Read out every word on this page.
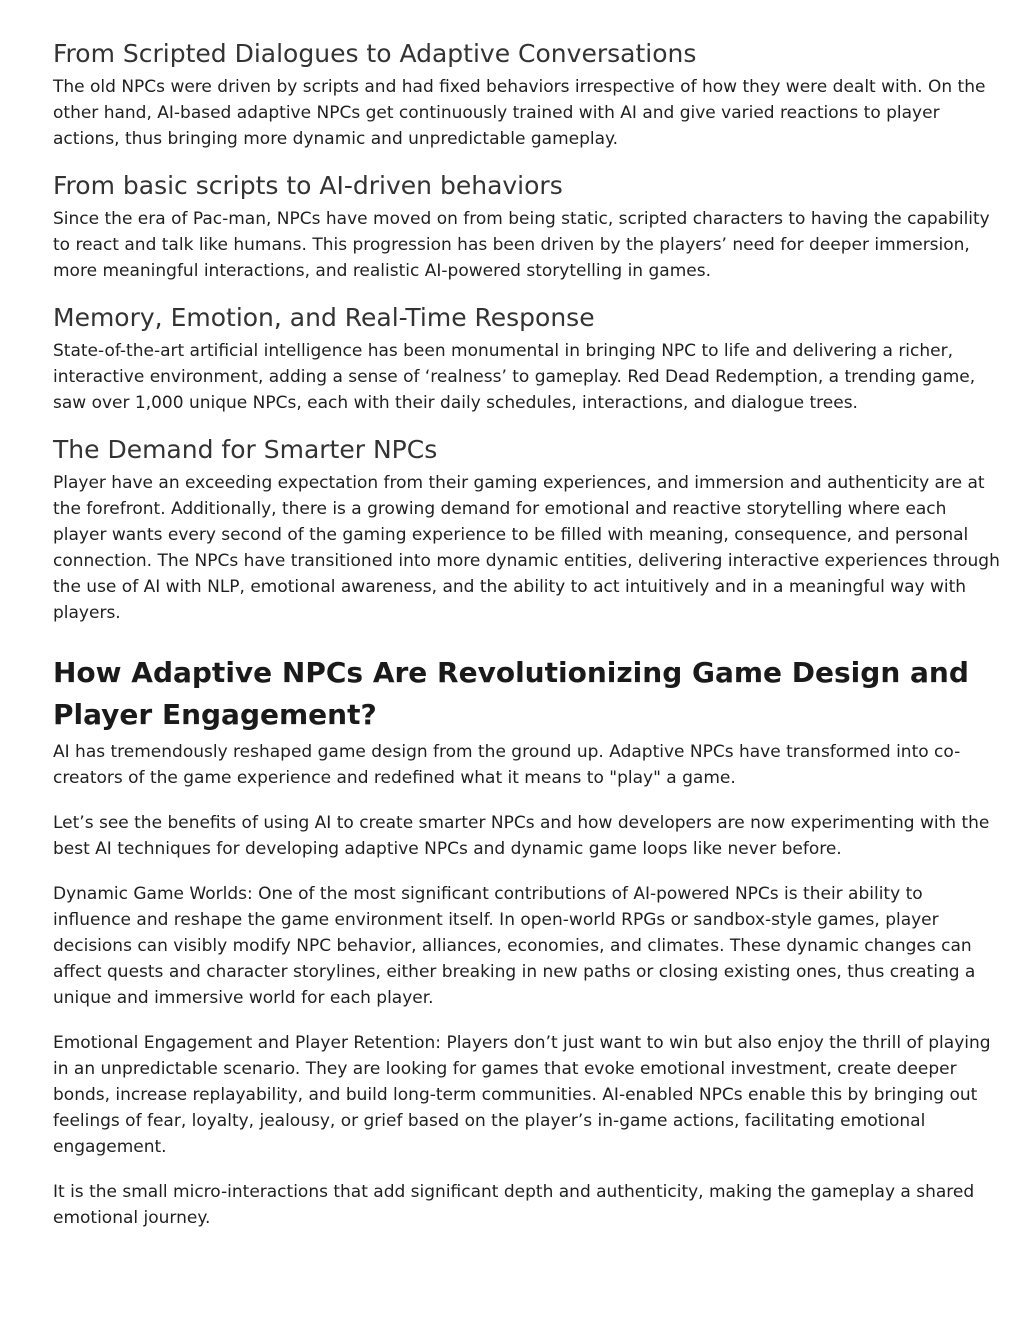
From Scripted Dialogues to Adaptive Conversations

The old NPCs were driven by scripts and had fixed behaviors irrespective of how they were dealt with. On the other hand, AI-based adaptive NPCs get continuously trained with AI and give varied reactions to player actions, thus bringing more dynamic and unpredictable gameplay.

From basic scripts to AI-driven behaviors

Since the era of Pac-man, NPCs have moved on from being static, scripted characters to having the capability to react and talk like humans. This progression has been driven by the players’ need for deeper immersion, more meaningful interactions, and realistic AI-powered storytelling in games.

Memory, Emotion, and Real-Time Response

State-of-the-art artificial intelligence has been monumental in bringing NPC to life and delivering a richer, interactive environment, adding a sense of ‘realness’ to gameplay. Red Dead Redemption, a trending game, saw over 1,000 unique NPCs, each with their daily schedules, interactions, and dialogue trees.

The Demand for Smarter NPCs

Player have an exceeding expectation from their gaming experiences, and immersion and authenticity are at the forefront. Additionally, there is a growing demand for emotional and reactive storytelling where each player wants every second of the gaming experience to be filled with meaning, consequence, and personal connection. The NPCs have transitioned into more dynamic entities, delivering interactive experiences through the use of AI with NLP, emotional awareness, and the ability to act intuitively and in a meaningful way with players.

How Adaptive NPCs Are Revolutionizing Game Design and Player Engagement?

AI has tremendously reshaped game design from the ground up. Adaptive NPCs have transformed into co-creators of the game experience and redefined what it means to "play" a game.

Let’s see the benefits of using AI to create smarter NPCs and how developers are now experimenting with the best AI techniques for developing adaptive NPCs and dynamic game loops like never before.

Dynamic Game Worlds: One of the most significant contributions of AI-powered NPCs is their ability to influence and reshape the game environment itself. In open-world RPGs or sandbox-style games, player decisions can visibly modify NPC behavior, alliances, economies, and climates. These dynamic changes can affect quests and character storylines, either breaking in new paths or closing existing ones, thus creating a unique and immersive world for each player.

Emotional Engagement and Player Retention: Players don’t just want to win but also enjoy the thrill of playing in an unpredictable scenario. They are looking for games that evoke emotional investment, create deeper bonds, increase replayability, and build long-term communities. AI-enabled NPCs enable this by bringing out feelings of fear, loyalty, jealousy, or grief based on the player’s in-game actions, facilitating emotional engagement.

It is the small micro-interactions that add significant depth and authenticity, making the gameplay a shared emotional journey.
